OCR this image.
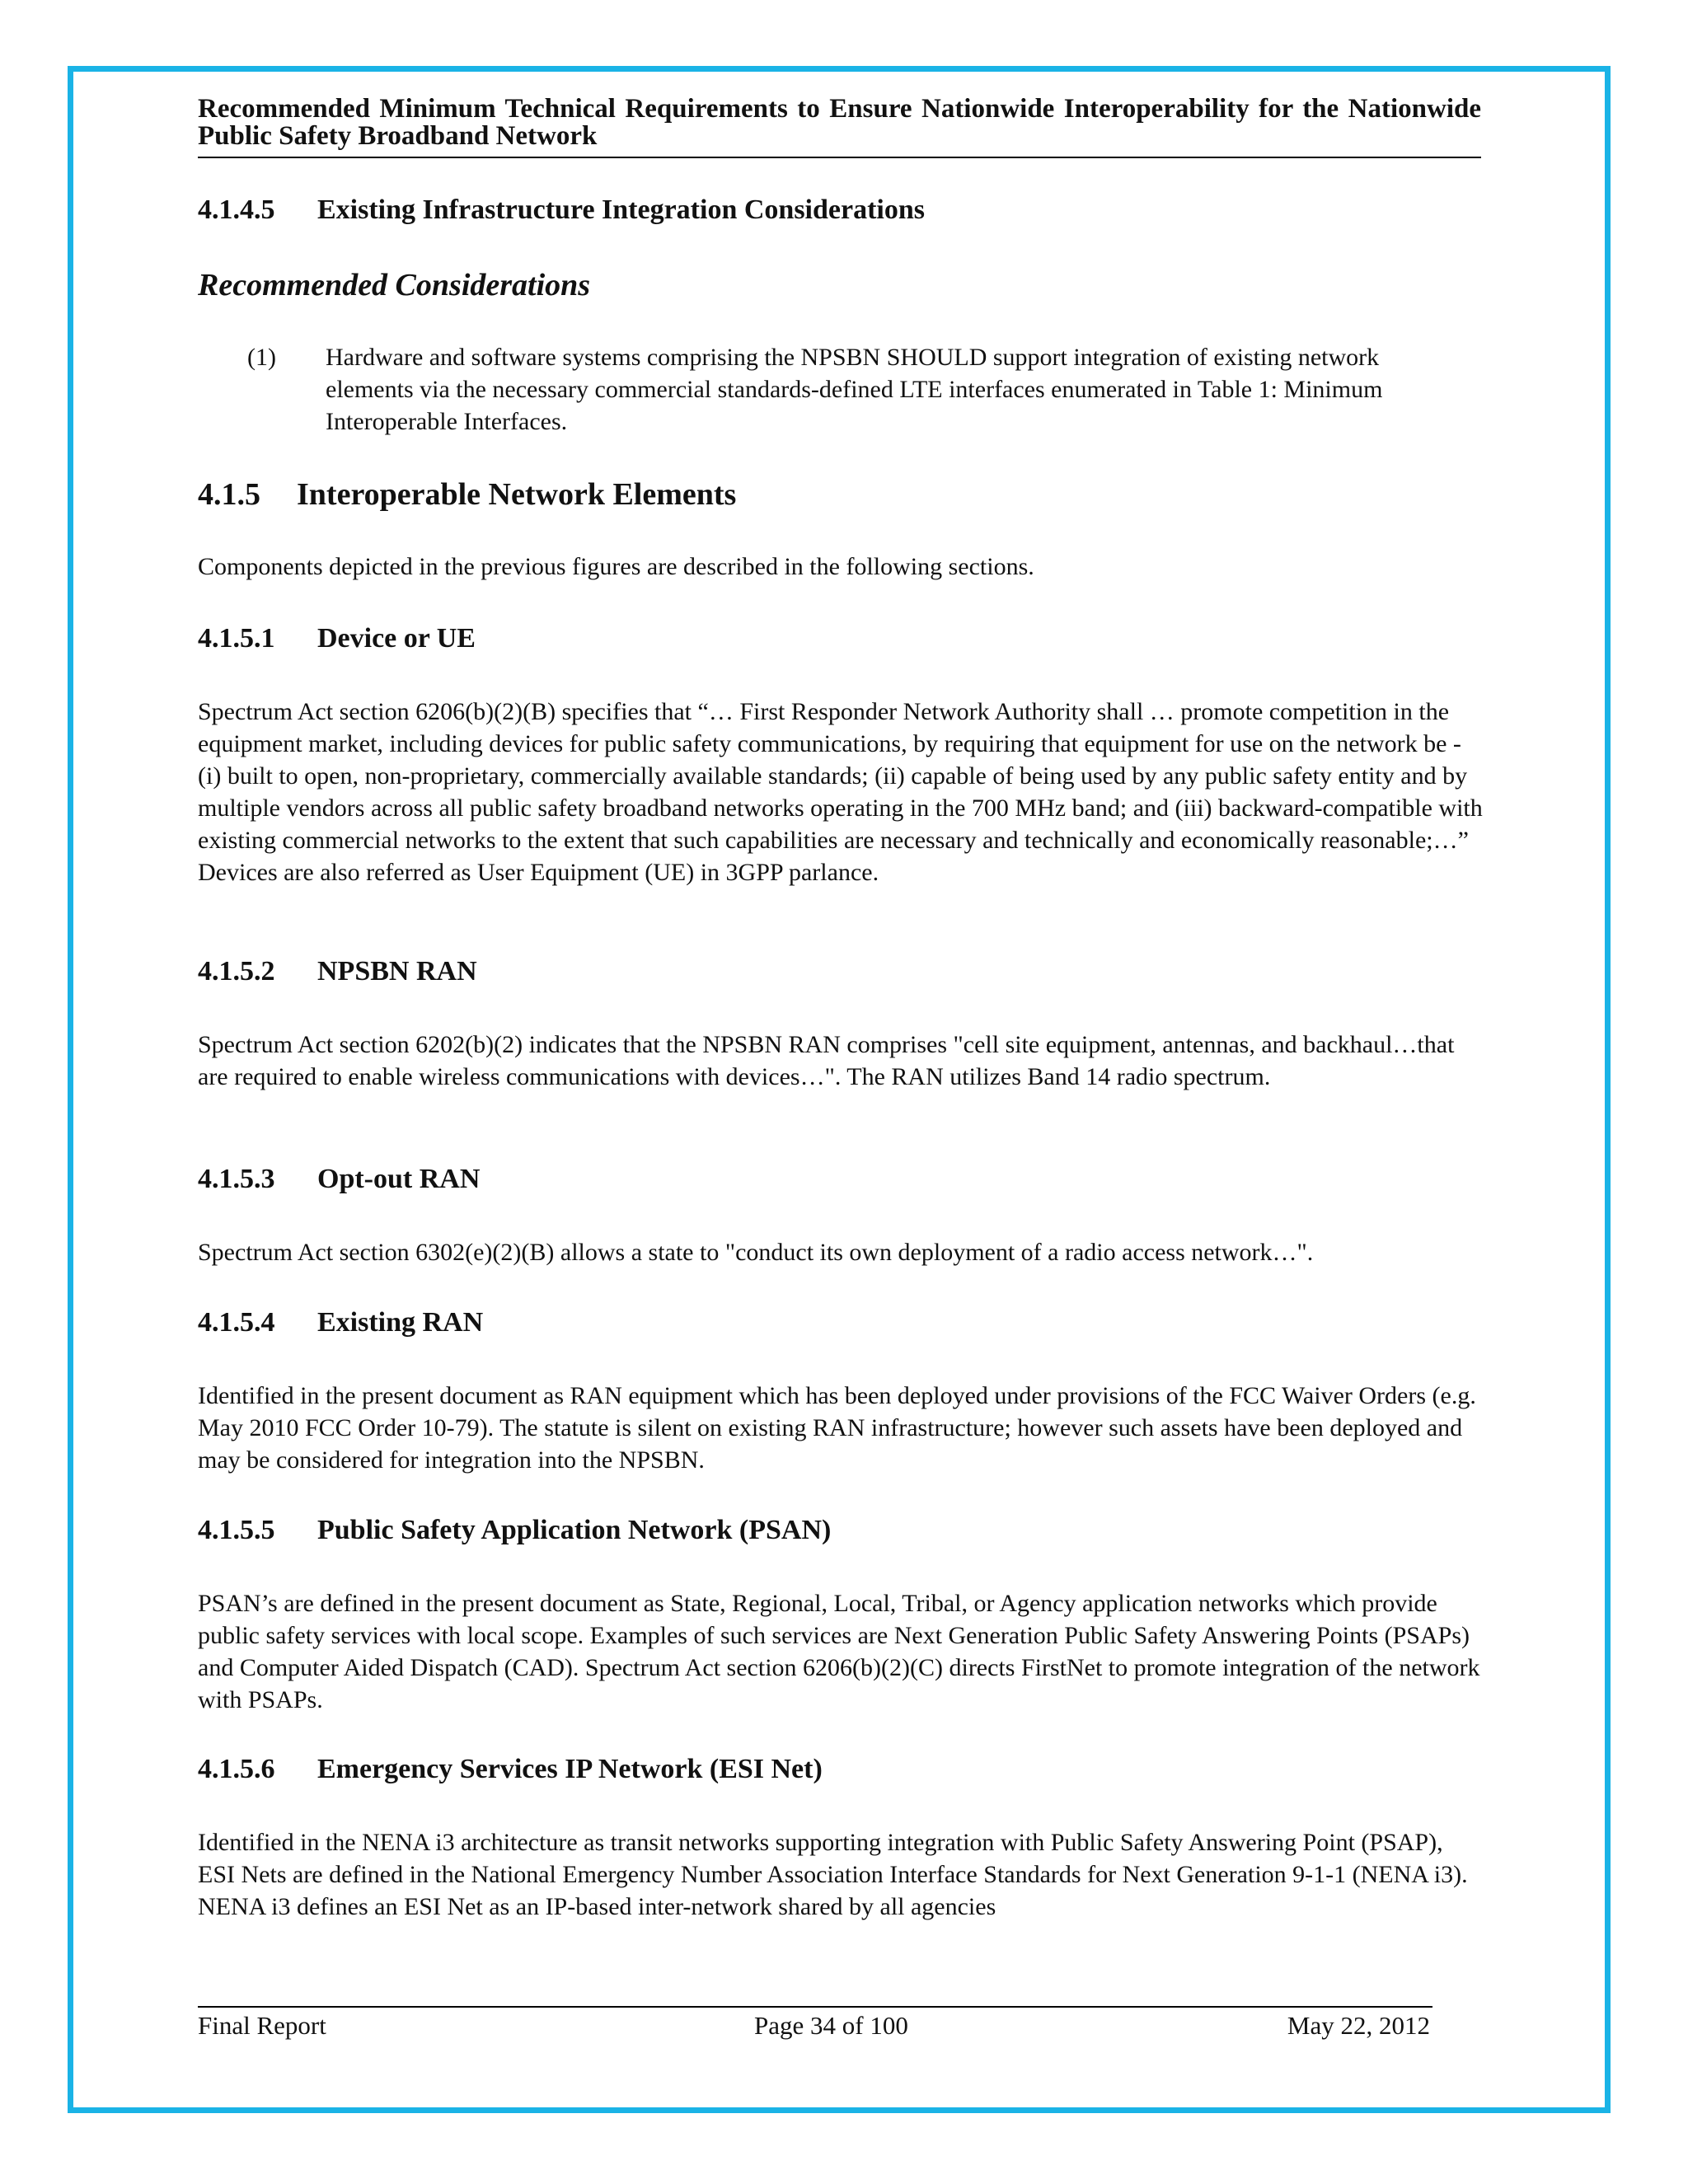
Recommended Minimum Technical Requirements to Ensure Nationwide Interoperability for the Nationwide Public Safety Broadband Network
4.1.4.5 Existing Infrastructure Integration Considerations
Recommended Considerations
(1) Hardware and software systems comprising the NPSBN SHOULD support integration of existing network elements via the necessary commercial standards-defined LTE interfaces enumerated in Table 1: Minimum Interoperable Interfaces.
4.1.5 Interoperable Network Elements

Components depicted in the previous figures are described in the following sections.

4.1.5.1 Device or UE

Spectrum Act section 6206(b)(2)(B) specifies that “… First Responder Network Authority shall … promote competition in the equipment market, including devices for public safety communications, by requiring that equipment for use on the network be - (i) built to open, non-proprietary, commercially available standards; (ii) capable of being used by any public safety entity and by multiple vendors across all public safety broadband networks operating in the 700 MHz band; and (iii) backward-compatible with existing commercial networks to the extent that such capabilities are necessary and technically and economically reasonable;…” Devices are also referred as User Equipment (UE) in 3GPP parlance.

4.1.5.2 NPSBN RAN

Spectrum Act section 6202(b)(2) indicates that the NPSBN RAN comprises "cell site equipment, antennas, and backhaul…that are required to enable wireless communications with devices…". The RAN utilizes Band 14 radio spectrum.

4.1.5.3 Opt-out RAN

Spectrum Act section 6302(e)(2)(B) allows a state to "conduct its own deployment of a radio access network…".

4.1.5.4 Existing RAN

Identified in the present document as RAN equipment which has been deployed under provisions of the FCC Waiver Orders (e.g. May 2010 FCC Order 10-79). The statute is silent on existing RAN infrastructure; however such assets have been deployed and may be considered for integration into the NPSBN.

4.1.5.5 Public Safety Application Network (PSAN)

PSAN’s are defined in the present document as State, Regional, Local, Tribal, or Agency application networks which provide public safety services with local scope. Examples of such services are Next Generation Public Safety Answering Points (PSAPs) and Computer Aided Dispatch (CAD). Spectrum Act section 6206(b)(2)(C) directs FirstNet to promote integration of the network with PSAPs.

4.1.5.6 Emergency Services IP Network (ESI Net)

Identified in the NENA i3 architecture as transit networks supporting integration with Public Safety Answering Point (PSAP), ESI Nets are defined in the National Emergency Number Association Interface Standards for Next Generation 9-1-1 (NENA i3). NENA i3 defines an ESI Net as an IP-based inter-network shared by all agencies

Final Report	Page 34 of 100	May 22, 2012
